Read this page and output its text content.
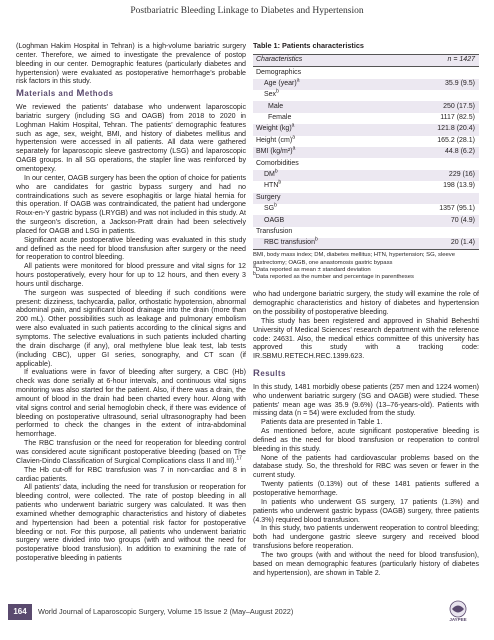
Postbariatric Bleeding Linkage to Diabetes and Hypertension

(Loghman Hakim Hospital in Tehran) is a high-volume bariatric surgery center. Therefore, we aimed to investigate the prevalence of postop bleeding in our center. Demographic features (particularly diabetes and hypertension) were evaluated as postoperative hemorrhage’s probable risk factors in this study.

Materials and Methods

We reviewed the patients’ database who underwent laparoscopic bariatric surgery (including SG and OAGB) from 2018 to 2020 in Loghman Hakim Hospital, Tehran. The patients’ demographic features such as age, sex, weight, BMI, and history of diabetes mellitus and hypertension were accessed in all patients. All data were gathered separately for laparoscopic sleeve gastrectomy (LSG) and laparoscopic OAGB groups. In all SG operations, the stapler line was reinforced by omentopexy.

In our center, OAGB surgery has been the option of choice for patients who are candidates for gastric bypass surgery and had no contraindications such as severe esophagitis or large hiatal hernia for this operation. If OAGB was contraindicated, the patient had undergone Roux-en-Y gastric bypass (LRYGB) and was not included in this study. At the surgeon’s discretion, a Jackson-Pratt drain had been selectively placed for OAGB and LSG in patients.

Significant acute postoperative bleeding was evaluated in this study and defined as the need for blood transfusion after surgery or the need for reoperation to control bleeding.

All patients were monitored for blood pressure and vital signs for 12 hours postoperatively, every hour for up to 12 hours, and then every 3 hours until discharge.

The surgeon was suspected of bleeding if such conditions were present: dizziness, tachycardia, pallor, orthostatic hypotension, abnormal abdominal pain, and significant blood drainage into the drain (more than 200 mL). Other possibilities such as leakage and pulmonary embolism were also evaluated in such patients according to the clinical signs and symptoms. The selective evaluations in such patients included charting the drain discharge (if any), oral methylene blue leak test, lab tests (including CBC), upper GI series, sonography, and CT scan (if applicable).

If evaluations were in favor of bleeding after surgery, a CBC (Hb) check was done serially at 6-hour intervals, and continuous vital signs monitoring was also started for the patient. Also, if there was a drain, the amount of blood in the drain had been charted every hour. Along with vital signs control and serial hemoglobin check, if there was evidence of bleeding on postoperative ultrasound, serial ultrasonography had been performed to check the changes in the extent of intra-abdominal hemorrhage.

The RBC transfusion or the need for reoperation for bleeding control was considered acute significant postoperative bleeding (based on The Clavien-Dindo Classification of Surgical Complications class II and III).$^{17}$

The Hb cut-off for RBC transfusion was 7 in non-cardiac and 8 in cardiac patients.

All patients’ data, including the need for transfusion or reoperation for bleeding control, were collected. The rate of postop bleeding in all patients who underwent bariatric surgery was calculated. It was then examined whether demographic characteristics and history of diabetes and hypertension had been a potential risk factor for postoperative bleeding or not. For this purpose, all patients who underwent bariatric surgery were divided into two groups (with and without the need for postoperative blood transfusion). In addition to examining the rate of postoperative bleeding in patients

Table 1: Patients characteristics
Characteristics	n = 1427
Demographics	
Age (year)$^a$	35.9 (9.5)
Sex$^b$	
Male	250 (17.5)
Female	1117 (82.5)
Weight (kg)$^a$	121.8 (20.4)
Height (cm)$^a$	165.2 (28.1)
BMI $(kg/m^2)^a$	44.8 (6.2)
Comorbidities	
$DM^b$	229 (16)
HTN$^b$	198 (13.9)
Surgery	
$SG^b$	1357 (95.1)
OAGB	70 (4.9)
Transfusion	
RBC transfusion$^b$	20 (1.4)
BMI, body mass index; DM, diabetes mellitus; HTN, hypertension; SG, sleeve gastrectomy; OAGB, one anastomosis gastric bypass
$^a$Data reported as mean ± standard deviation
$^b$Data reported as the number and percentage in parentheses

who had undergone bariatric surgery, the study will examine the role of demographic characteristics and history of diabetes and hypertension on the possibility of postoperative bleeding.

This study has been registered and approved in Shahid Beheshti University of Medical Sciences’ research department with the reference code: 24631. Also, the medical ethics committee of this university has approved this study with a tracking code: IR.SBMU.RETECH.REC.1399.623.

Results

In this study, 1481 morbidly obese patients (257 men and 1224 women) who underwent bariatric surgery (SG and OAGB) were studied. These patients’ mean age was 35.9 (9.6%) (13–76-years-old). Patients with missing data (n = 54) were excluded from the study.

Patients data are presented in Table 1.

As mentioned before, acute significant postoperative bleeding is defined as the need for blood transfusion or reoperation to control bleeding in this study.

None of the patients had cardiovascular problems based on the database study. So, the threshold for RBC was seven or fewer in the current study.

Twenty patients (0.13%) out of these 1481 patients suffered a postoperative hemorrhage.

In patients who underwent GS surgery, 17 patients (1.3%) and patients who underwent gastric bypass (OAGB) surgery, three patients (4.3%) required blood transfusion.

In this study, two patients underwent reoperation to control bleeding; both had undergone gastric sleeve surgery and received blood transfusions before reoperation.

The two groups (with and without the need for blood transfusion), based on mean demographic features (particularly history of diabetes and hypertension), are shown in Table 2.

164	World Journal of Laparoscopic Surgery, Volume 15 Issue 2 (May–August 2022)
JAYPEE
